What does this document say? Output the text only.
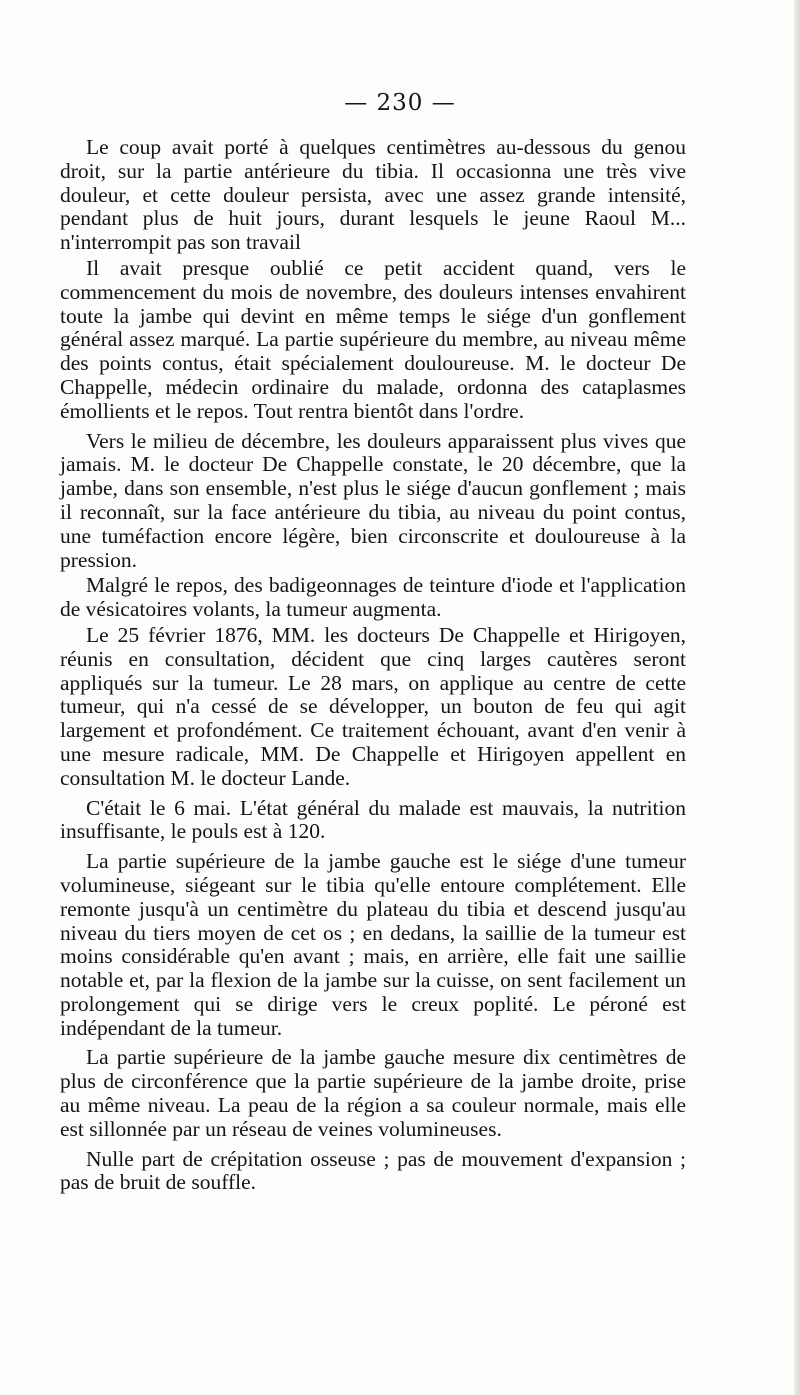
— 230 —

Le coup avait porté à quelques centimètres au-dessous du genou droit, sur la partie antérieure du tibia. Il occasionna une très vive douleur, et cette douleur persista, avec une assez grande intensité, pendant plus de huit jours, durant lesquels le jeune Raoul M... n'interrompit pas son travail

Il avait presque oublié ce petit accident quand, vers le commencement du mois de novembre, des douleurs intenses envahirent toute la jambe qui devint en même temps le siége d'un gonflement général assez marqué. La partie supérieure du membre, au niveau même des points contus, était spécialement douloureuse. M. le docteur De Chappelle, médecin ordinaire du malade, ordonna des cataplasmes émollients et le repos. Tout rentra bientôt dans l'ordre.

Vers le milieu de décembre, les douleurs apparaissent plus vives que jamais. M. le docteur De Chappelle constate, le 20 décembre, que la jambe, dans son ensemble, n'est plus le siége d'aucun gonflement ; mais il reconnaît, sur la face antérieure du tibia, au niveau du point contus, une tuméfaction encore légère, bien circonscrite et douloureuse à la pression.

Malgré le repos, des badigeonnages de teinture d'iode et l'application de vésicatoires volants, la tumeur augmenta.

Le 25 février 1876, MM. les docteurs De Chappelle et Hirigoyen, réunis en consultation, décident que cinq larges cautères seront appliqués sur la tumeur. Le 28 mars, on applique au centre de cette tumeur, qui n'a cessé de se développer, un bouton de feu qui agit largement et profondément. Ce traitement échouant, avant d'en venir à une mesure radicale, MM. De Chappelle et Hirigoyen appellent en consultation M. le docteur Lande.

C'était le 6 mai. L'état général du malade est mauvais, la nutrition insuffisante, le pouls est à 120.

La partie supérieure de la jambe gauche est le siége d'une tumeur volumineuse, siégeant sur le tibia qu'elle entoure complétement. Elle remonte jusqu'à un centimètre du plateau du tibia et descend jusqu'au niveau du tiers moyen de cet os ; en dedans, la saillie de la tumeur est moins considérable qu'en avant ; mais, en arrière, elle fait une saillie notable et, par la flexion de la jambe sur la cuisse, on sent facilement un prolongement qui se dirige vers le creux poplité. Le péroné est indépendant de la tumeur.

La partie supérieure de la jambe gauche mesure dix centimètres de plus de circonférence que la partie supérieure de la jambe droite, prise au même niveau. La peau de la région a sa couleur normale, mais elle est sillonnée par un réseau de veines volumineuses.

Nulle part de crépitation osseuse ; pas de mouvement d'expansion ; pas de bruit de souffle.
